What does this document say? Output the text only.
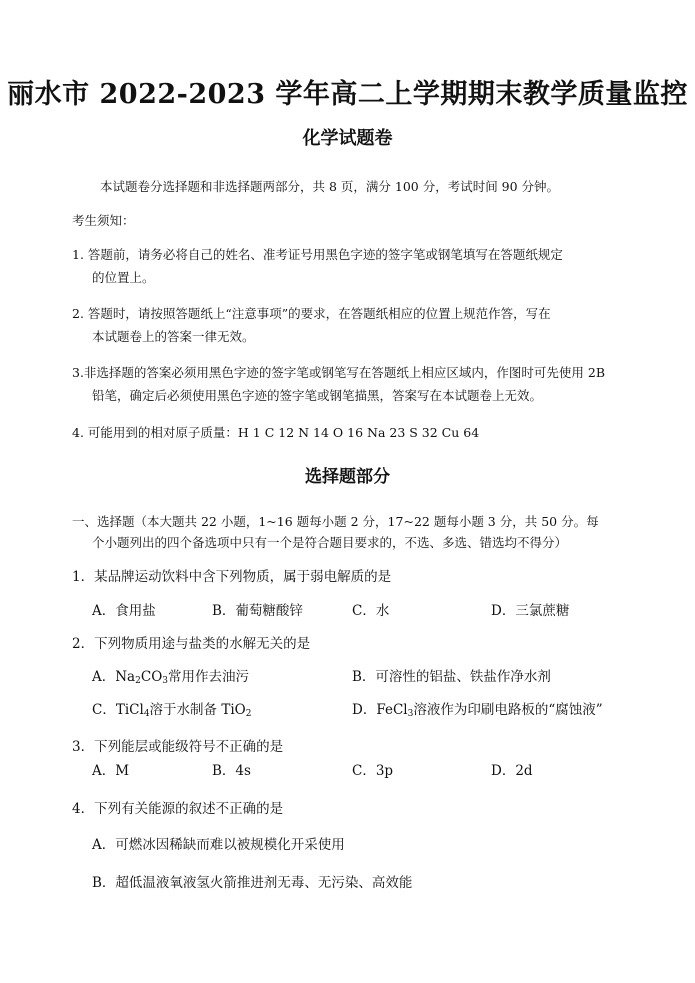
丽水市 2022-2023 学年高二上学期期末教学质量监控
化学试题卷
本试题卷分选择题和非选择题两部分，共 8 页，满分 100 分，考试时间 90 分钟。
考生须知：
1. 答题前，请务必将自己的姓名、准考证号用黑色字迹的签字笔或钢笔填写在答题纸规定
的位置上。
2. 答题时，请按照答题纸上“注意事项”的要求，在答题纸相应的位置上规范作答，写在
本试题卷上的答案一律无效。
3.非选择题的答案必须用黑色字迹的签字笔或钢笔写在答题纸上相应区域内，作图时可先使用 2B
铅笔，确定后必须使用黑色字迹的签字笔或钢笔描黑，答案写在本试题卷上无效。
4. 可能用到的相对原子质量：H 1 C 12 N 14 O 16 Na 23 S 32 Cu 64
选择题部分
一、选择题（本大题共 22 小题，1~16 题每小题 2 分，17~22 题每小题 3 分，共 50 分。每
个小题列出的四个备选项中只有一个是符合题目要求的，不选、多选、错选均不得分）
1．某品牌运动饮料中含下列物质，属于弱电解质的是
A．食用盐	B．葡萄糖酸锌	C．水	D．三氯蔗糖
2．下列物质用途与盐类的水解无关的是
A．$Na_2CO_3$常用作去油污	B．可溶性的铝盐、铁盐作净水剂
C．TiCl$_4$溶于水制备 TiO$_2$	D．FeCl$_3$溶液作为印刷电路板的“腐蚀液”
3．下列能层或能级符号不正确的是
A．M	B．4s	C．3p	D．2d
4．下列有关能源的叙述不正确的是
A．可燃冰因稀缺而难以被规模化开采使用
B．超低温液氧液氢火箭推进剂无毒、无污染、高效能
